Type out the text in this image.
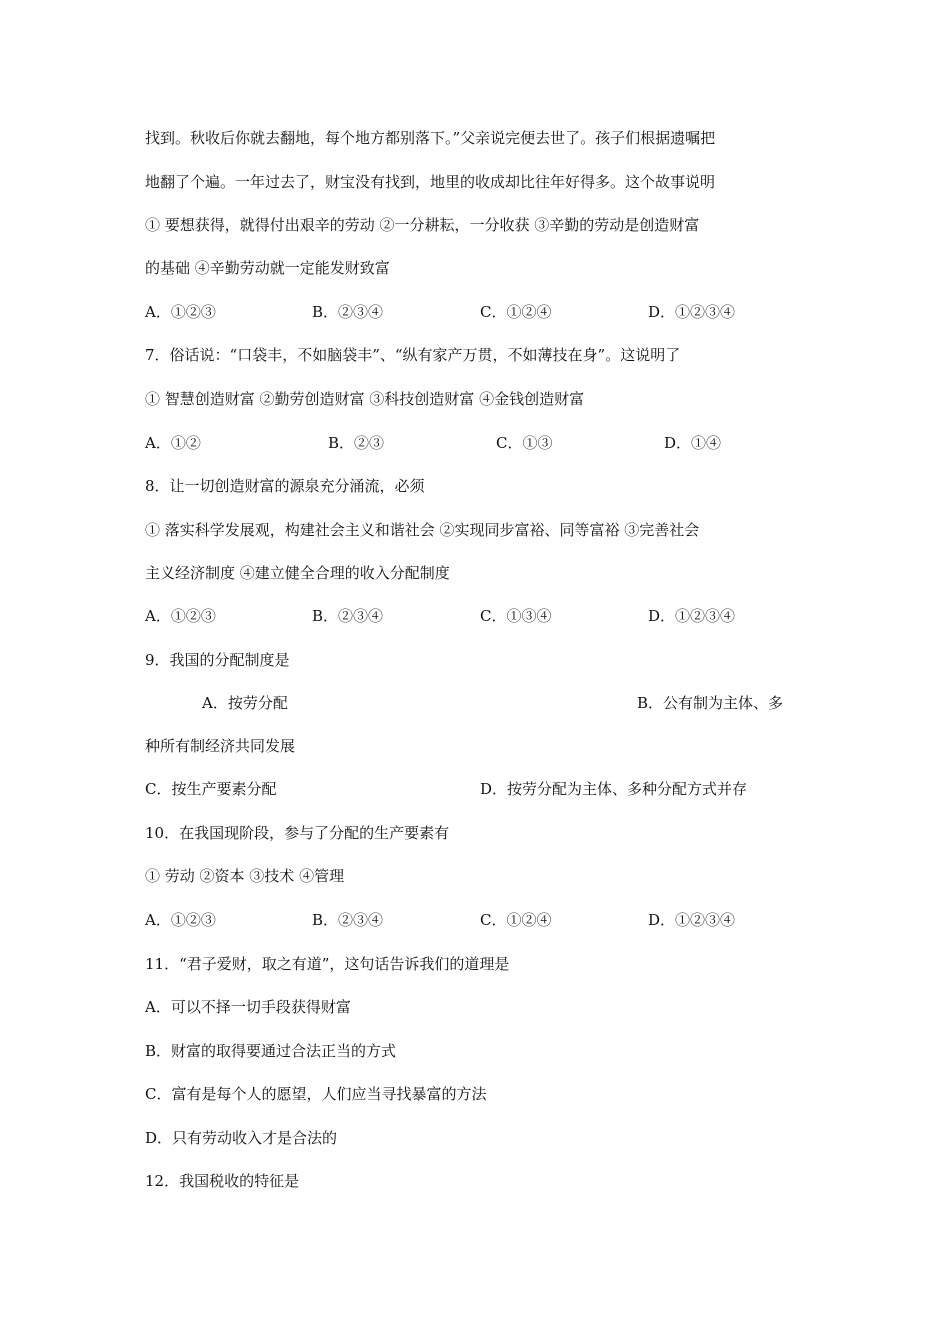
找到。秋收后你就去翻地，每个地方都别落下。”父亲说完便去世了。孩子们根据遗嘱把
地翻了个遍。一年过去了，财宝没有找到，地里的收成却比往年好得多。这个故事说明
① 要想获得，就得付出艰辛的劳动 ②一分耕耘，一分收获 ③辛勤的劳动是创造财富
的基础 ④辛勤劳动就一定能发财致富
A．①②③	B．②③④	C．①②④	D．①②③④
7．俗话说：“口袋丰，不如脑袋丰”、“纵有家产万贯，不如薄技在身”。这说明了
① 智慧创造财富 ②勤劳创造财富 ③科技创造财富 ④金钱创造财富
A．①②	B．②③	C．①③	D．①④
8．让一切创造财富的源泉充分涌流，必须
① 落实科学发展观，构建社会主义和谐社会 ②实现同步富裕、同等富裕 ③完善社会
主义经济制度 ④建立健全合理的收入分配制度
A．①②③	B．②③④	C．①③④	D．①②③④
9．我国的分配制度是
A．按劳分配	B．公有制为主体、多
种所有制经济共同发展
C．按生产要素分配	D．按劳分配为主体、多种分配方式并存
10．在我国现阶段，参与了分配的生产要素有
① 劳动 ②资本 ③技术 ④管理
A．①②③	B．②③④	C．①②④	D．①②③④
11．“君子爱财，取之有道”，这句话告诉我们的道理是
A．可以不择一切手段获得财富
B．财富的取得要通过合法正当的方式
C．富有是每个人的愿望，人们应当寻找暴富的方法
D．只有劳动收入才是合法的
12．我国税收的特征是
